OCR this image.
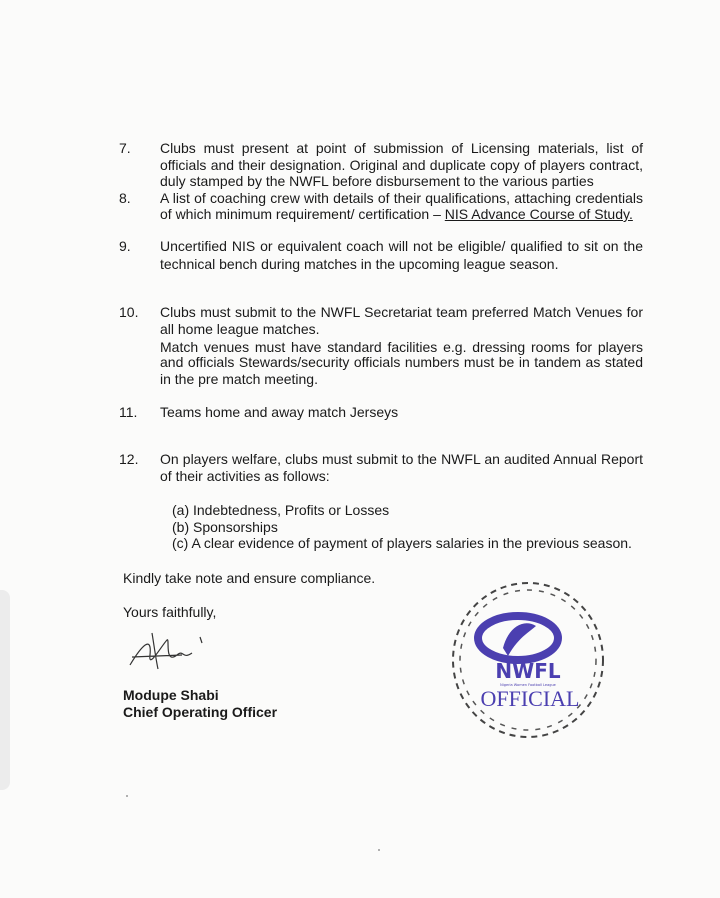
7. Clubs must present at point of submission of Licensing materials, list of
officials and their designation. Original and duplicate copy of players contract,
duly stamped by the NWFL before disbursement to the various parties
8. A list of coaching crew with details of their qualifications, attaching credentials
of which minimum requirement/ certification – NIS Advance Course of Study.
9. Uncertified NIS or equivalent coach will not be eligible/ qualified to sit on the
technical bench during matches in the upcoming league season.
10. Clubs must submit to the NWFL Secretariat team preferred Match Venues for
all home league matches.
Match venues must have standard facilities e.g. dressing rooms for players
and officials Stewards/security officials numbers must be in tandem as stated
in the pre match meeting.
11. Teams home and away match Jerseys
12. On players welfare, clubs must submit to the NWFL an audited Annual Report
of their activities as follows:
(a) Indebtedness, Profits or Losses
(b) Sponsorships
(c) A clear evidence of payment of players salaries in the previous season.
Kindly take note and ensure compliance.
Yours faithfully,
Modupe Shabi
Chief Operating Officer
NWFL
Nigeria Women Football League
OFFICIAL
